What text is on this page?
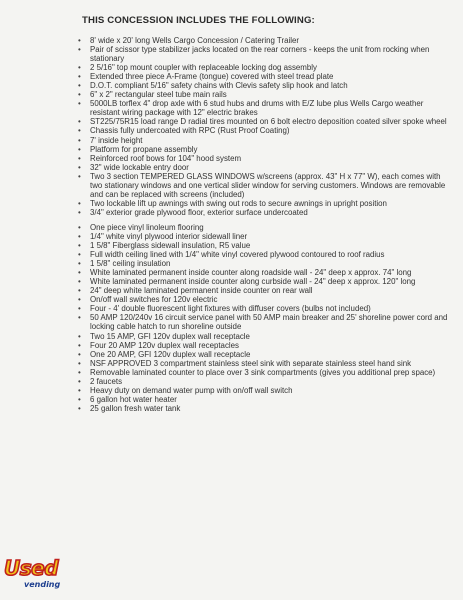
THIS CONCESSION INCLUDES THE FOLLOWING:
• 8' wide x 20' long Wells Cargo Concession / Catering Trailer
• Pair of scissor type stabilizer jacks located on the rear corners - keeps the unit from rocking when stationary
• 2 5/16" top mount coupler with replaceable locking dog assembly
• Extended three piece A-Frame (tongue) covered with steel tread plate
• D.O.T. compliant 5/16" safety chains with Clevis safety slip hook and latch
• 6" x 2" rectangular steel tube main rails
• 5000LB torflex 4" drop axle with 6 stud hubs and drums with E/Z lube plus Wells Cargo weather resistant wiring package with 12" electric brakes
• ST225/75R15 load range D radial tires mounted on 6 bolt electro deposition coated silver spoke wheel
• Chassis fully undercoated with RPC (Rust Proof Coating)
• 7' inside height
• Platform for propane assembly
• Reinforced roof bows for 104" hood system
• 32" wide lockable entry door
• Two 3 section TEMPERED GLASS WINDOWS w/screens (approx. 43" H x 77" W), each comes with two stationary windows and one vertical slider window for serving customers. Windows are removable and can be replaced with screens (included)
• Two lockable lift up awnings with swing out rods to secure awnings in upright position
• 3/4" exterior grade plywood floor, exterior surface undercoated
• One piece vinyl linoleum flooring
• 1/4" white vinyl plywood interior sidewall liner
• 1 5/8" Fiberglass sidewall insulation, R5 value
• Full width ceiling lined with 1/4" white vinyl covered plywood contoured to roof radius
• 1 5/8" ceiling insulation
• White laminated permanent inside counter along roadside wall - 24" deep x approx. 74" long
• White laminated permanent inside counter along curbside wall - 24" deep x approx. 120" long
• 24" deep white laminated permanent inside counter on rear wall
• On/off wall switches for 120v electric
• Four - 4' double fluorescent light fixtures with diffuser covers (bulbs not included)
• 50 AMP 120/240v 16 circuit service panel with 50 AMP main breaker and 25' shoreline power cord and locking cable hatch to run shoreline outside
• Two 15 AMP, GFI 120v duplex wall receptacle
• Four 20 AMP 120v duplex wall receptacles
• One 20 AMP, GFI 120v duplex wall receptacle
• NSF APPROVED 3 compartment stainless steel sink with separate stainless steel hand sink
• Removable laminated counter to place over 3 sink compartments (gives you additional prep space)
• 2 faucets
• Heavy duty on demand water pump with on/off wall switch
• 6 gallon hot water heater
• 25 gallon fresh water tank
Used
vending
